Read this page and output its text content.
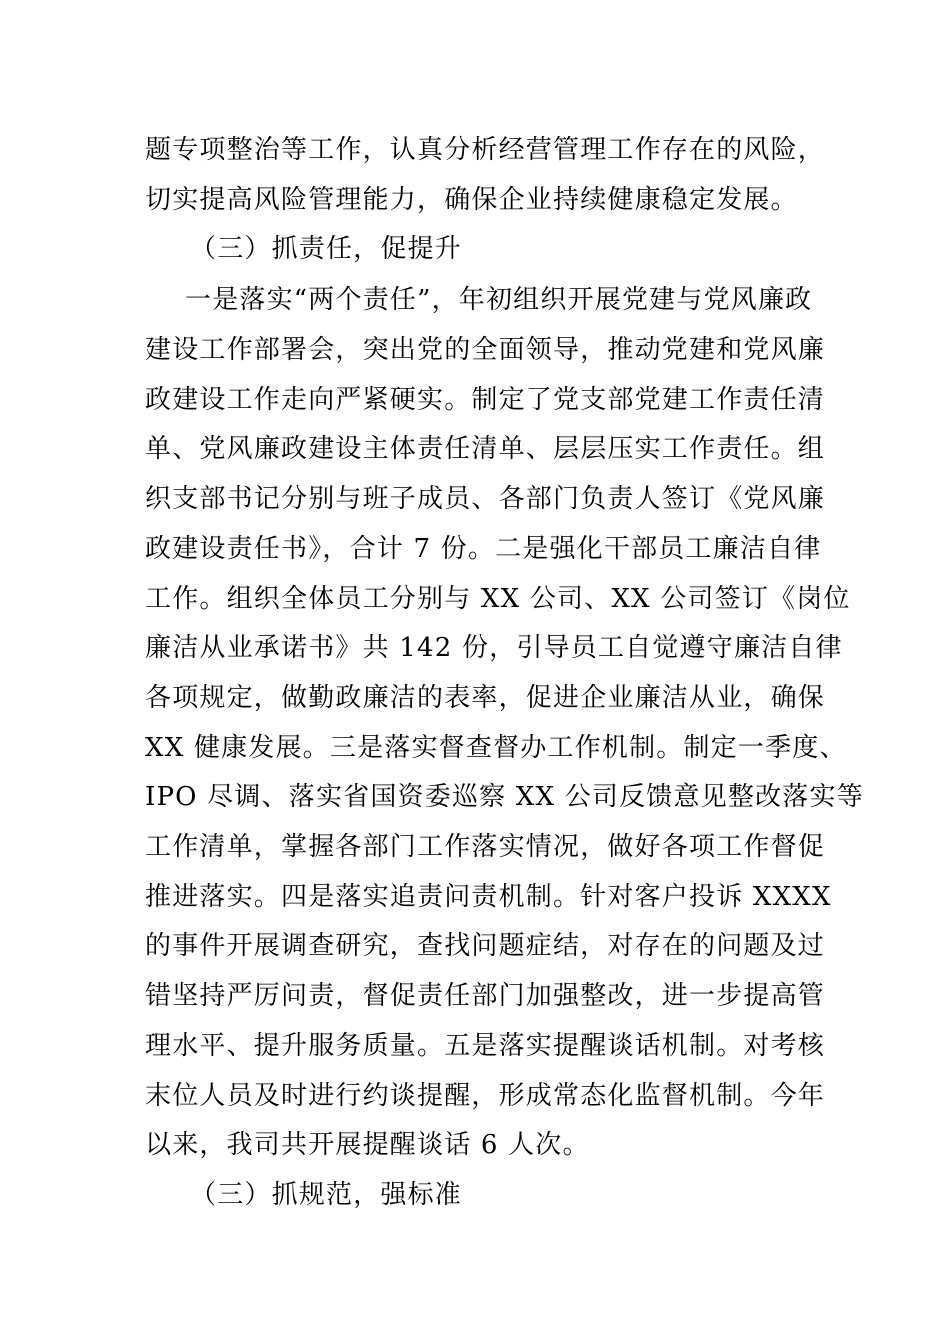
题专项整治等工作，认真分析经营管理工作存在的风险，

切实提高风险管理能力，确保企业持续健康稳定发展。

（三）抓责任，促提升

一是落实“两个责任”，年初组织开展党建与党风廉政

建设工作部署会，突出党的全面领导，推动党建和党风廉

政建设工作走向严紧硬实。制定了党支部党建工作责任清

单、党风廉政建设主体责任清单、层层压实工作责任。组

织支部书记分别与班子成员、各部门负责人签订《党风廉

政建设责任书》，合计 7 份。二是强化干部员工廉洁自律

工作。组织全体员工分别与 XX 公司、XX 公司签订《岗位

廉洁从业承诺书》共 142 份，引导员工自觉遵守廉洁自律

各项规定，做勤政廉洁的表率，促进企业廉洁从业，确保

XX 健康发展。三是落实督查督办工作机制。制定一季度、

IPO 尽调、落实省国资委巡察 XX 公司反馈意见整改落实等

工作清单，掌握各部门工作落实情况，做好各项工作督促

推进落实。四是落实追责问责机制。针对客户投诉 XXXX

的事件开展调查研究，查找问题症结，对存在的问题及过

错坚持严厉问责，督促责任部门加强整改，进一步提高管

理水平、提升服务质量。五是落实提醒谈话机制。对考核

末位人员及时进行约谈提醒，形成常态化监督机制。今年

以来，我司共开展提醒谈话 6 人次。

（三）抓规范，强标准
